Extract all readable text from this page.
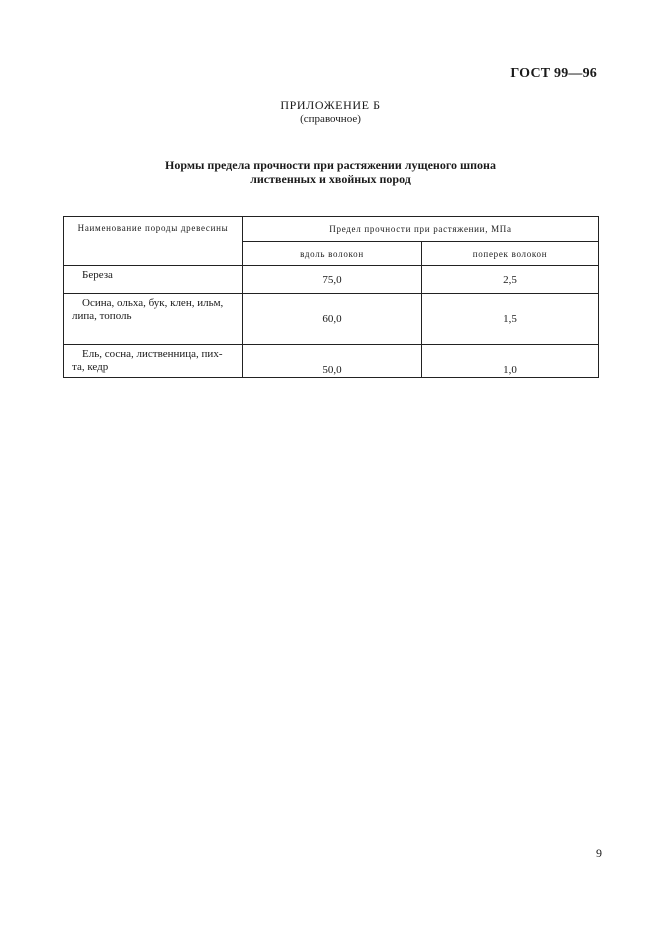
ГОСТ 99—96
ПРИЛОЖЕНИЕ Б
(справочное)
Нормы предела прочности при растяжении лущеного шпона
лиственных и хвойных пород
Наименование породы древесины	Предел прочности при растяжении, МПа	
	вдоль волокон	поперек волокон

Береза	75,0	2,5

Осина, ольха, бук, клен, ильм,
липа, тополь	60,0	1,5

Ель, сосна, лиственница, пих-
та, кедр	50,0	1,0
9
